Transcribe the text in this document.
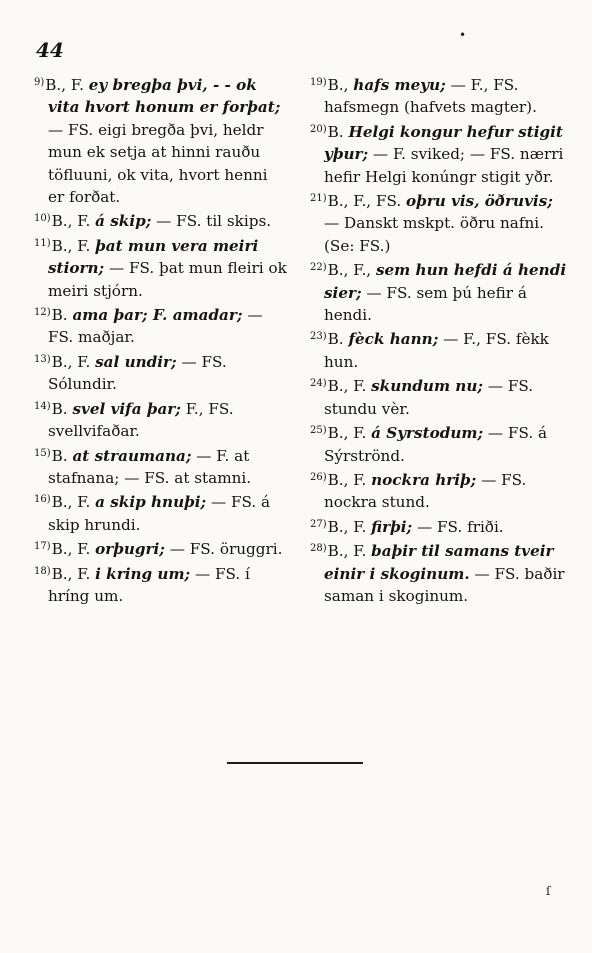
44
$^{9)}$B., F. ey bregþa þvi, - - ok vita hvort honum er forþat; — FS. eigi bregða þvi, heldr mun ek setja at hinni rauðu töfluuni, ok vita, hvort henni er forðat.
$^{10)}$B., F. á skip; — FS. til skips.
$^{11)}$B., F. þat mun vera meiri stiorn; — FS. þat mun fleiri ok meiri stjórn.
$^{12)}$B. ama þar; F. amadar; — FS. maðjar.
$^{13)}$B., F. sal undir; — FS. Sólundir.
$^{14)}$B. svel vifa þar; F., FS. svellvifaðar.
$^{15)}$B. at straumana; — F. at stafnana; — FS. at stamni.
$^{16)}$B., F. a skip hnuþi; — FS. á skip hrundi.
$^{17)}$B., F. orþugri; — FS. öruggri.
$^{18)}$B., F. i kring um; — FS. í hríng um.
$^{19)}$B., hafs meyu; — F., FS. hafsmegn (hafvets magter).
$^{20)}$B. Helgi kongur hefur stigit yþur; — F. sviked; — FS. nærri hefir Helgi konúngr stigit yðr.
$^{21)}$B., F., FS. oþru vis, öðruvis; — Danskt mskpt. öðru nafni. (Se: FS.)
$^{22)}$B., F., sem hun hefdi á hendi sier; — FS. sem þú hefir á hendi.
$^{23)}$B. fèck hann; — F., FS. fèkk hun.
$^{24)}$B., F. skundum nu; — FS. stundu vèr.
$^{25)}$B., F. á Syrstodum; — FS. á Sýrströnd.
$^{26)}$B., F. nockra hriþ; — FS. nockra stund.
$^{27)}$B., F. firþi; — FS. friði.
$^{28)}$B., F. baþir til samans tveir einir i skoginum. — FS. baðir saman i skoginum.
•
ſ
